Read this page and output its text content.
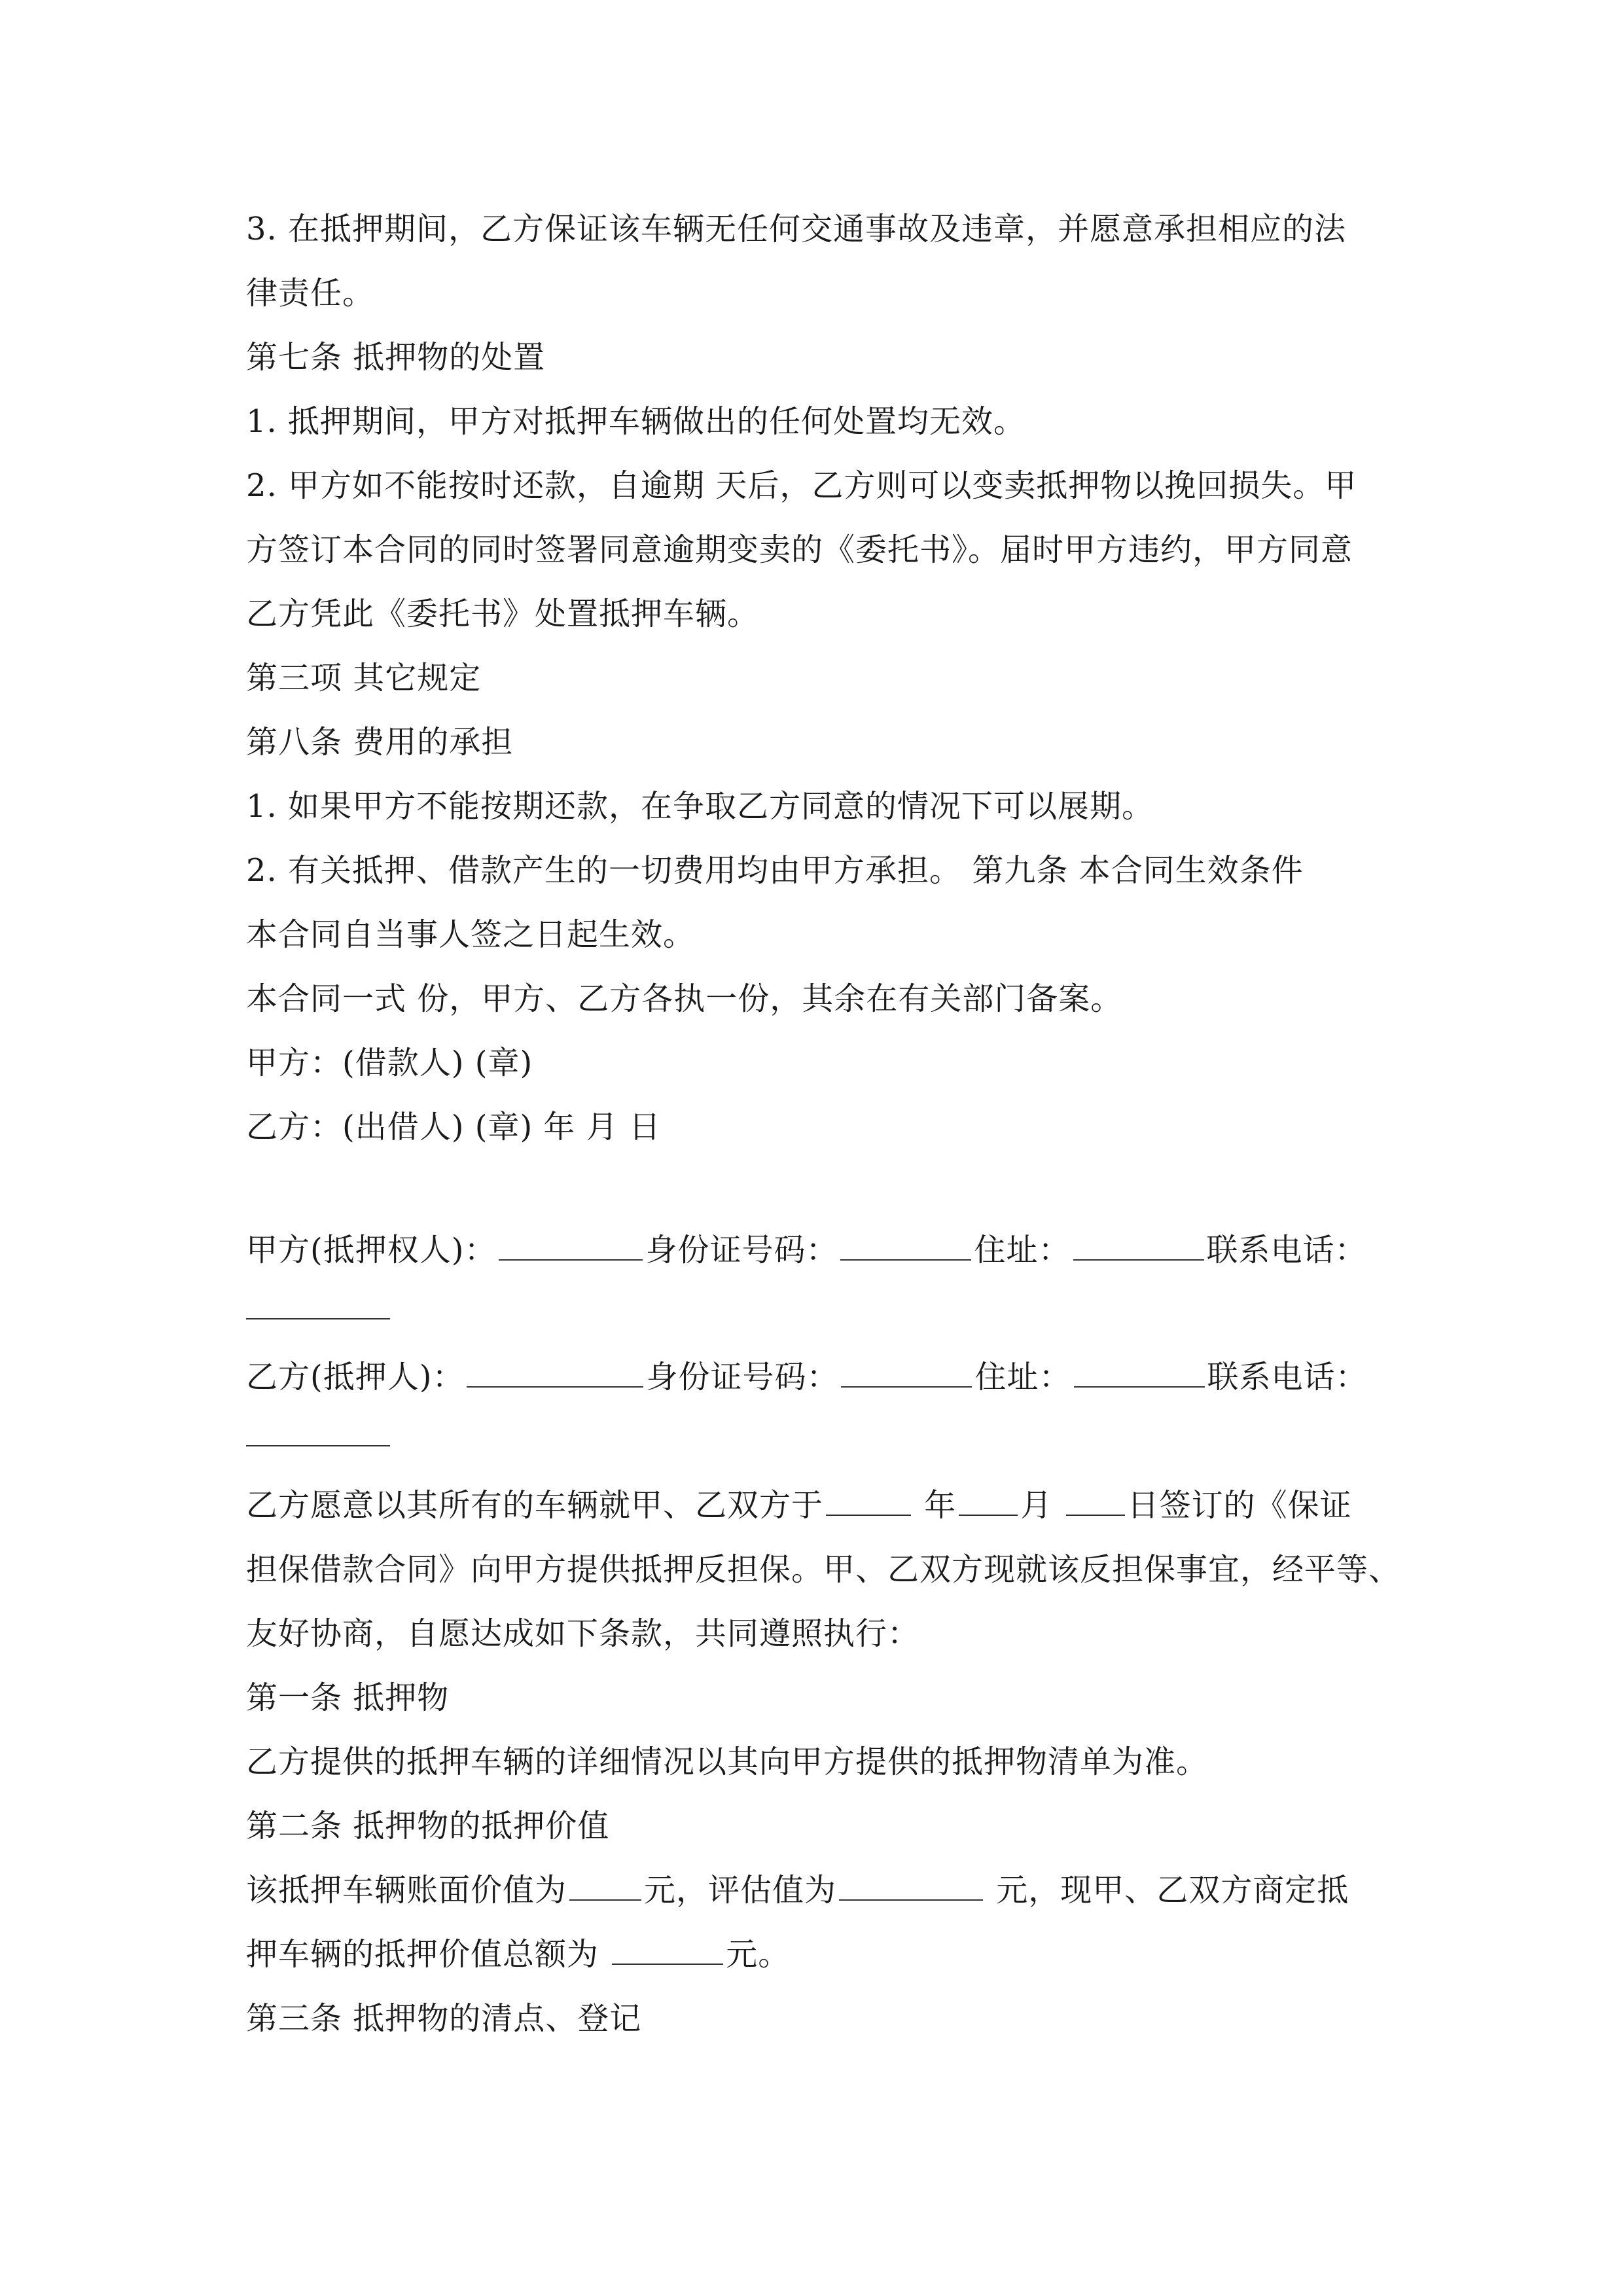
3. 在抵押期间，乙方保证该车辆无任何交通事故及违章，并愿意承担相应的法
律责任。
第七条 抵押物的处置
1. 抵押期间，甲方对抵押车辆做出的任何处置均无效。
2. 甲方如不能按时还款，自逾期 天后，乙方则可以变卖抵押物以挽回损失。甲
方签订本合同的同时签署同意逾期变卖的《委托书》。届时甲方违约，甲方同意
乙方凭此《委托书》处置抵押车辆。
第三项 其它规定
第八条 费用的承担
1. 如果甲方不能按期还款，在争取乙方同意的情况下可以展期。
2. 有关抵押、借款产生的一切费用均由甲方承担。 第九条 本合同生效条件
本合同自当事人签之日起生效。
本合同一式 份，甲方、乙方各执一份，其余在有关部门备案。
甲方：(借款人) (章)
乙方：(出借人) (章) 年 月 日
甲方(抵押权人)：	身份证号码：	住址：	联系电话：
乙方(抵押人)：	身份证号码：	住址：	联系电话：
乙方愿意以其所有的车辆就甲、乙双方于	年 月 日签订的《保证
担保借款合同》向甲方提供抵押反担保。甲、乙双方现就该反担保事宜，经平等、
友好协商，自愿达成如下条款，共同遵照执行：
第一条 抵押物
乙方提供的抵押车辆的详细情况以其向甲方提供的抵押物清单为准。
第二条 抵押物的抵押价值
该抵押车辆账面价值为 元，评估值为	元，现甲、乙双方商定抵
押车辆的抵押价值总额为	元。
第三条 抵押物的清点、登记
